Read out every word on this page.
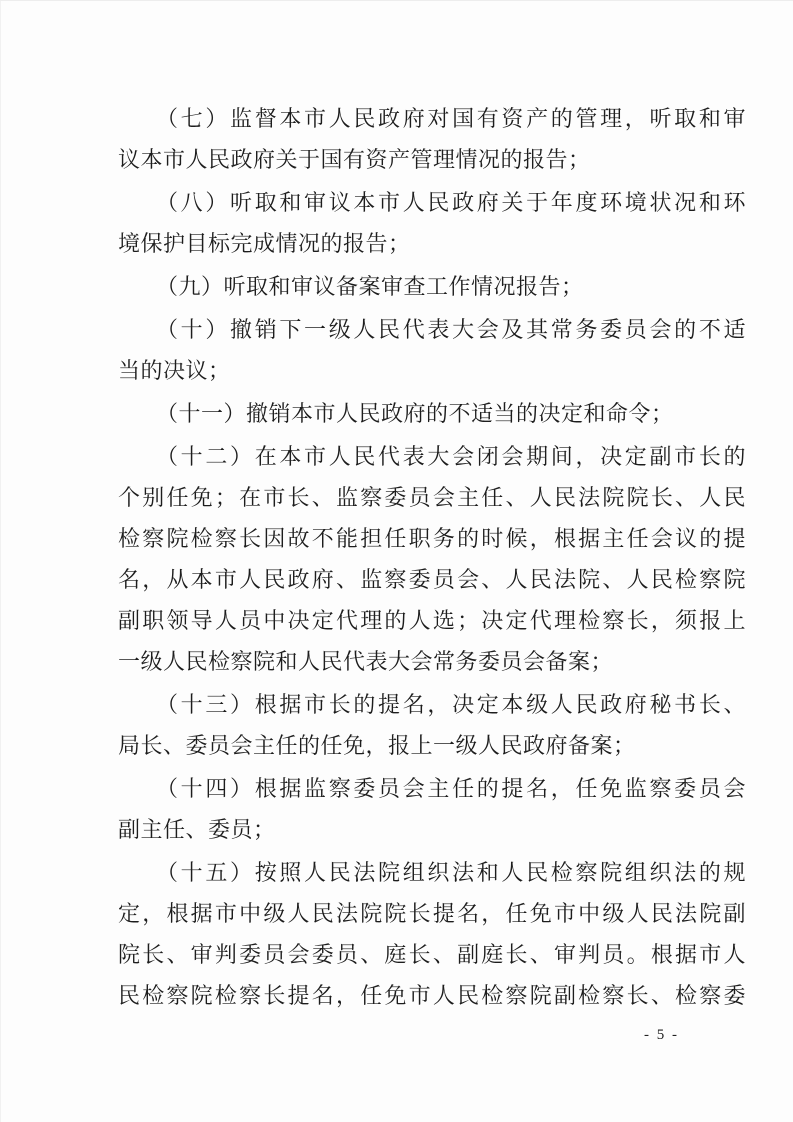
（七）监督本市人民政府对国有资产的管理，听取和审
议本市人民政府关于国有资产管理情况的报告；
（八）听取和审议本市人民政府关于年度环境状况和环
境保护目标完成情况的报告；
（九）听取和审议备案审查工作情况报告；
（十）撤销下一级人民代表大会及其常务委员会的不适
当的决议；
（十一）撤销本市人民政府的不适当的决定和命令；
（十二）在本市人民代表大会闭会期间，决定副市长的
个别任免；在市长、监察委员会主任、人民法院院长、人民
检察院检察长因故不能担任职务的时候，根据主任会议的提
名，从本市人民政府、监察委员会、人民法院、人民检察院
副职领导人员中决定代理的人选；决定代理检察长，须报上
一级人民检察院和人民代表大会常务委员会备案；
（十三）根据市长的提名，决定本级人民政府秘书长、
局长、委员会主任的任免，报上一级人民政府备案；
（十四）根据监察委员会主任的提名，任免监察委员会
副主任、委员；
（十五）按照人民法院组织法和人民检察院组织法的规
定，根据市中级人民法院院长提名，任免市中级人民法院副
院长、审判委员会委员、庭长、副庭长、审判员。根据市人
民检察院检察长提名，任免市人民检察院副检察长、检察委
- 5 -
